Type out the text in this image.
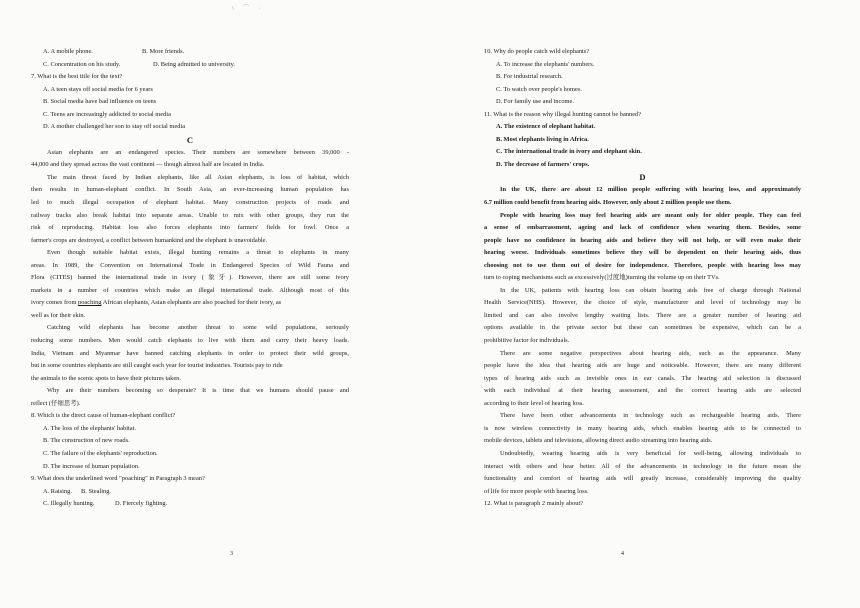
\ ⌒ ·
A. A mobile phone.	B. More friends.
C. Concentration on his study.	D. Being admitted to university.
7. What is the best title for the text?
A. A teen stays off social media for 6 years
B. Social media have bad influence on teens
C. Teens are increasingly addicted to social media
D. A mother challenged her son to stay off social media
C
Asian elephants are an endangered species. Their numbers are somewhere between 39,000 -
44,000 and they spread across the vast continent — though almost half are located in India.
The main threat faced by Indian elephants, like all Asian elephants, is loss of habitat, which
then results in human-elephant conflict. In South Asia, an ever-increasing human population has
led to much illegal occupation of elephant habitat. Many construction projects of roads and
railway tracks also break habitat into separate areas. Unable to mix with other groups, they run the
risk of reproducing. Habitat loss also forces elephants into farmers' fields for fowl. Once a
farmer's crops are destroyed, a conflict between humankind and the elephant is unavoidable.
Even though suitable habitat exists, illegal hunting remains a threat to elephants in many
areas. In 1989, the Convention on International Trade in Endangered Species of Wild Fauna and
Flora (CITES) banned the international trade in ivory (象牙). However, there are still some ivory
markets in a number of countries which make an illegal international trade. Although most of this
ivory comes from poaching African elephants, Asian elephants are also poached for their ivory, as
well as for their skin.
Catching wild elephants has become another threat to some wild populations, seriously
reducing some numbers. Men would catch elephants to live with them and carry their heavy loads.
India, Vietnam and Myanmar have banned catching elephants in order to protect their wild groups,
but in some countries elephants are still caught each year for tourist industries. Tourists pay to ride
the animals to the scenic spots to have their pictures taken.
Why are their numbers becoming so desperate? It is time that we humans should pause and
reflect (仔细思考).
8. Which is the direct cause of human-elephant conflict?
A. The loss of the elephants' habitat.
B. The construction of new roads.
C. The failure of the elephants' reproduction.
D. The increase of human population.
9. What does the underlined word "poaching" in Paragraph 3 mean?
A. Raising.	B. Stealing.
C. Illegally hunting.	D. Fiercely fighting.
3
10. Why do people catch wild elephants?
A. To increase the elephants' numbers.
B. For industrial research.
C. To watch over people's homes.
D. For family use and income.
11. What is the reason why illegal hunting cannot be banned?
A. The existence of elephant habitat.
B. Most elephants living in Africa.
C. The international trade in ivory and elephant skin.
D. The decrease of farmers' crops.
D
In the UK, there are about 12 million people suffering with hearing loss, and approximately
6.7 million could benefit from hearing aids. However, only about 2 million people use them.
People with hearing loss may feel hearing aids are meant only for older people. They can feel
a sense of embarrassment, ageing and lack of confidence when wearing them. Besides, some
people have no confidence in hearing aids and believe they will not help, or will even make their
hearing worse. Individuals sometimes believe they will be dependent on their hearing aids, thus
choosing not to use them out of desire for independence. Therefore, people with hearing loss may
turn to coping mechanisms such as excessively(过度地)turning the volume up on their TVs.
In the UK, patients with hearing loss can obtain hearing aids free of charge through National
Health Service(NHS). However, the choice of style, manufacturer and level of technology may be
limited and can also involve lengthy waiting lists. There are a greater number of hearing aid
options available in the private sector but these can sometimes be expensive, which can be a
prohibitive factor for individuals.
There are some negative perspectives about hearing aids, such as the appearance. Many
people have the idea that hearing aids are huge and noticeable. However, there are many different
types of hearing aids such as invisible ones in ear canals. The hearing aid selection is discussed
with each individual at their hearing assessment, and the correct hearing aids are selected
according to their level of hearing loss.
There have been other advancements in technology such as rechargeable hearing aids. There
is now wireless connectivity in many hearing aids, which enables hearing aids to be connected to
mobile devices, tablets and televisions, allowing direct audio streaming into hearing aids.
Undoubtedly, wearing hearing aids is very beneficial for well-being, allowing individuals to
interact with others and hear better. All of the advancements in technology in the future mean the
functionality and comfort of hearing aids will greatly increase, considerably improving the quality
of life for more people with hearing loss.
12. What is paragraph 2 mainly about?
4
